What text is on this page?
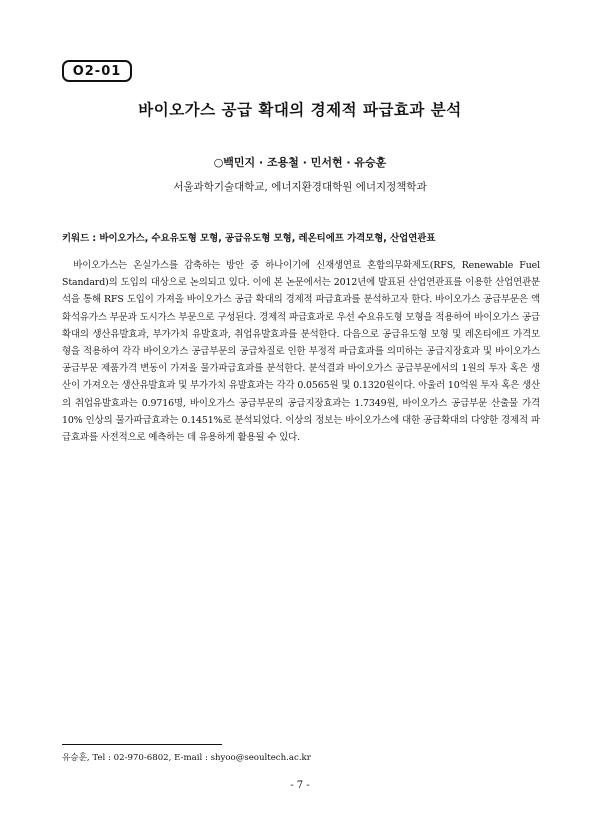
O2-01
바이오가스 공급 확대의 경제적 파급효과 분석
○백민지 · 조용철 · 민서현 · 유승훈
서울과학기술대학교, 에너지환경대학원 에너지정책학과
키워드 : 바이오가스, 수요유도형 모형, 공급유도형 모형, 레온티에프 가격모형, 산업연관표

바이오가스는 온실가스를 감축하는 방안 중 하나이기에 신재생연료 혼합의무화제도(RFS, Renewable Fuel Standard)의 도입의 대상으로 논의되고 있다. 이에 본 논문에서는 2012년에 발표된 산업연관표를 이용한 산업연관분석을 통해 RFS 도입이 가져올 바이오가스 공급 확대의 경제적 파급효과를 분석하고자 한다. 바이오가스 공급부문은 액화석유가스 부문과 도시가스 부문으로 구성된다. 경제적 파급효과로 우선 수요유도형 모형을 적용하여 바이오가스 공급확대의 생산유발효과, 부가가치 유발효과, 취업유발효과를 분석한다. 다음으로 공급유도형 모형 및 레온티에프 가격모형을 적용하여 각각 바이오가스 공급부문의 공급차질로 인한 부정적 파급효과를 의미하는 공급지장효과 및 바이오가스 공급부문 제품가격 변동이 가져올 물가파급효과를 분석한다. 분석결과 바이오가스 공급부문에서의 1원의 투자 혹은 생산이 가져오는 생산유발효과 및 부가가치 유발효과는 각각 0.0565원 및 0.1320원이다. 아울러 10억원 투자 혹은 생산의 취업유발효과는 0.9716명, 바이오가스 공급부문의 공급지장효과는 1.7349원, 바이오가스 공급부문 산출물 가격 10% 인상의 물가파급효과는 0.1451%로 분석되었다. 이상의 정보는 바이오가스에 대한 공급확대의 다양한 경제적 파급효과를 사전적으로 예측하는 데 유용하게 활용될 수 있다.

유승훈, Tel : 02-970-6802, E-mail : shyoo@seoultech.ac.kr
- 7 -
